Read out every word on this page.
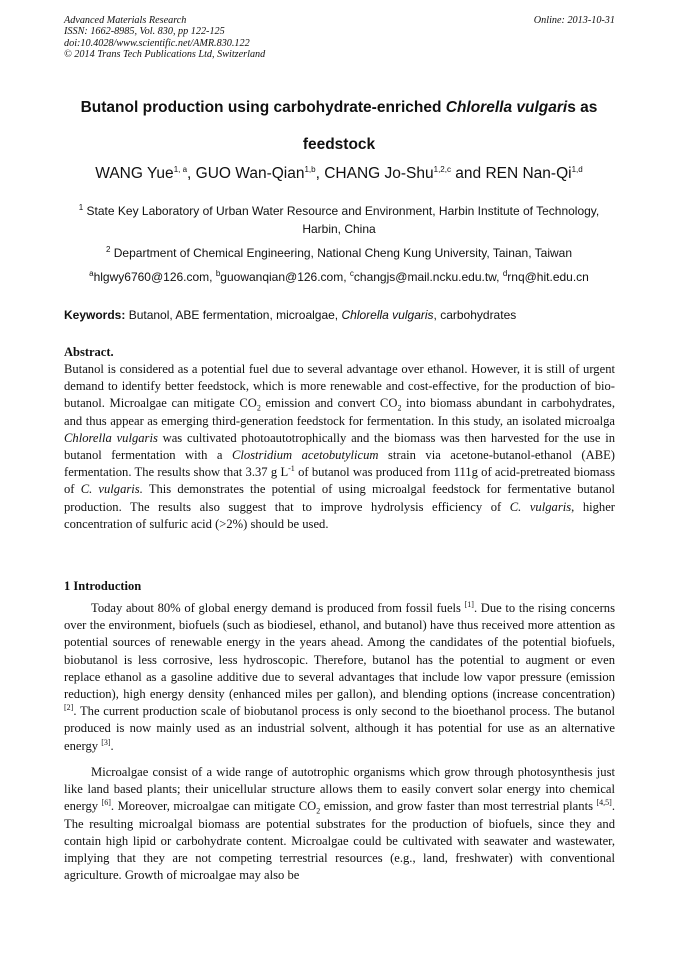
Advanced Materials Research
ISSN: 1662-8985, Vol. 830, pp 122-125
doi:10.4028/www.scientific.net/AMR.830.122
© 2014 Trans Tech Publications Ltd, Switzerland
Online: 2013-10-31
Butanol production using carbohydrate-enriched Chlorella vulgaris as
feedstock
WANG Yue$^{1, a}$, GUO Wan-Qian$^{1,b}$, CHANG Jo-Shu$^{1,2,c}$ and REN Nan-Qi$^{1,d}$
$^1$ State Key Laboratory of Urban Water Resource and Environment, Harbin Institute of Technology,
Harbin, China
$^2$ Department of Chemical Engineering, National Cheng Kung University, Tainan, Taiwan
$^a$hlgwy6760@126.com, $^b$guowanqian@126.com, $^c$changjs@mail.ncku.edu.tw, $^d$rnq@hit.edu.cn
Keywords: Butanol, ABE fermentation, microalgae, Chlorella vulgaris, carbohydrates
Abstract.
Butanol is considered as a potential fuel due to several advantage over ethanol. However, it is still of urgent demand to identify better feedstock, which is more renewable and cost-effective, for the production of bio-butanol. Microalgae can mitigate $CO_2$ emission and convert $CO_2$ into biomass abundant in carbohydrates, and thus appear as emerging third-generation feedstock for fermentation. In this study, an isolated microalga Chlorella vulgaris was cultivated photoautotrophically and the biomass was then harvested for the use in butanol fermentation with a Clostridium acetobutylicum strain via acetone-butanol-ethanol (ABE) fermentation. The results show that 3.37 g $L^{-1}$ of butanol was produced from 111g of acid-pretreated biomass of C. vulgaris. This demonstrates the potential of using microalgal feedstock for fermentative butanol production. The results also suggest that to improve hydrolysis efficiency of C. vulgaris, higher concentration of sulfuric acid (>2%) should be used.
1 Introduction
Today about 80% of global energy demand is produced from fossil fuels [1]. Due to the rising concerns over the environment, biofuels (such as biodiesel, ethanol, and butanol) have thus received more attention as potential sources of renewable energy in the years ahead. Among the candidates of the potential biofuels, biobutanol is less corrosive, less hydroscopic. Therefore, butanol has the potential to augment or even replace ethanol as a gasoline additive due to several advantages that include low vapor pressure (emission reduction), high energy density (enhanced miles per gallon), and blending options (increase concentration) [2]. The current production scale of biobutanol process is only second to the bioethanol process. The butanol produced is now mainly used as an industrial solvent, although it has potential for use as an alternative energy [3].
Microalgae consist of a wide range of autotrophic organisms which grow through photosynthesis just like land based plants; their unicellular structure allows them to easily convert solar energy into chemical energy [6]. Moreover, microalgae can mitigate $CO_2$ emission, and grow faster than most terrestrial plants [4,5]. The resulting microalgal biomass are potential substrates for the production of biofuels, since they and contain high lipid or carbohydrate content. Microalgae could be cultivated with seawater and wastewater, implying that they are not competing terrestrial resources (e.g., land, freshwater) with conventional agriculture. Growth of microalgae may also be
